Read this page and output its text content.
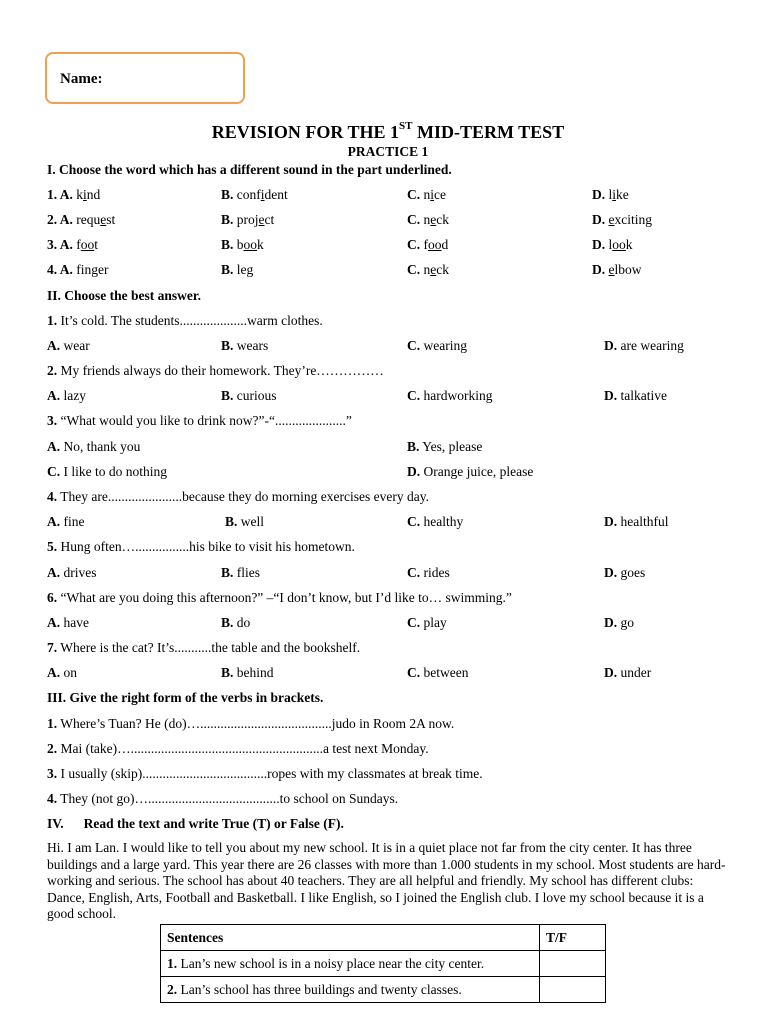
Name:
REVISION FOR THE 1ST MID-TERM TEST
PRACTICE 1
I. Choose the word which has a different sound in the part underlined.
1. A. kind	B. confident	C. nice	D. like
2. A. request	B. project	C. neck	D. exciting
3. A. foot	B. book	C. food	D. look
4. A. finger	B. leg	C. neck	D. elbow
II. Choose the best answer.
1. It’s cold. The students....................warm clothes.
A. wear	B. wears	C. wearing	D. are wearing
2. My friends always do their homework. They’re……………
A. lazy	B. curious	C. hardworking	D. talkative
3. “What would you like to drink now?”-“.....................”
A. No, thank you	B. Yes, please
C. I like to do nothing	D. Orange juice, please
4. They are......................because they do morning exercises every day.
A. fine	B. well	C. healthy	D. healthful
5. Hung often…................his bike to visit his hometown.
A. drives	B. flies	C. rides	D. goes
6. “What are you doing this afternoon?” –“I don’t know, but I’d like to… swimming.”
A. have	B. do	C. play	D. go
7. Where is the cat? It’s...........the table and the bookshelf.
A. on	B. behind	C. between	D. under
III. Give the right form of the verbs in brackets.
1. Where’s Tuan? He (do)….......................................judo in Room 2A now.
2. Mai (take)….........................................................a test next Monday.
3. I usually (skip).....................................ropes with my classmates at break time.
4. They (not go)….......................................to school on Sundays.
IV. Read the text and write True (T) or False (F).
Hi. I am Lan. I would like to tell you about my new school. It is in a quiet place not far from the city center. It has three buildings and a large yard. This year there are 26 classes with more than 1.000 students in my school. Most students are hard-working and serious. The school has about 40 teachers. They are all helpful and friendly. My school has different clubs: Dance, English, Arts, Football and Basketball. I like English, so I joined the English club. I love my school because it is a good school.
Sentences	T/F
1. Lan’s new school is in a noisy place near the city center.	
2. Lan’s school has three buildings and twenty classes.	
